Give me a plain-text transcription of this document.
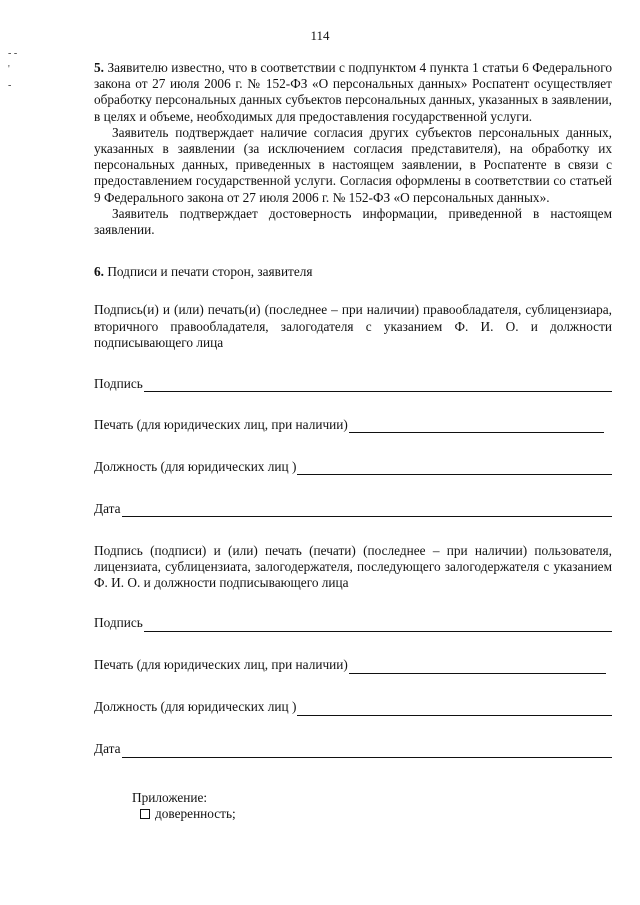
114
- -
'
-

5. Заявителю известно, что в соответствии с подпунктом 4 пункта 1 статьи 6 Федерального закона от 27 июля 2006 г. № 152-ФЗ «О персональных данных» Роспатент осуществляет обработку персональных данных субъектов персональных данных, указанных в заявлении, в целях и объеме, необходимых для предоставления государственной услуги.

Заявитель подтверждает наличие согласия других субъектов персональных данных, указанных в заявлении (за исключением согласия представителя), на обработку их персональных данных, приведенных в настоящем заявлении, в Роспатенте в связи с предоставлением государственной услуги. Согласия оформлены в соответствии со статьей 9 Федерального закона от 27 июля 2006 г. № 152-ФЗ «О персональных данных».

Заявитель подтверждает достоверность информации, приведенной в настоящем заявлении.

6. Подписи и печати сторон, заявителя

Подпись(и) и (или) печать(и) (последнее – при наличии) правообладателя, сублицензиара, вторичного правообладателя, залогодателя с указанием Ф. И. О. и должности подписывающего лица

Подпись
Печать (для юридических лиц, при наличии)
Должность (для юридических лиц )
Дата

Подпись (подписи) и (или) печать (печати) (последнее – при наличии) пользователя, лицензиата, сублицензиата, залогодержателя, последующего залогодержателя с указанием Ф. И. О. и должности подписывающего лица

Подпись
Печать (для юридических лиц, при наличии)
Должность (для юридических лиц )
Дата
Приложение:
доверенность;
